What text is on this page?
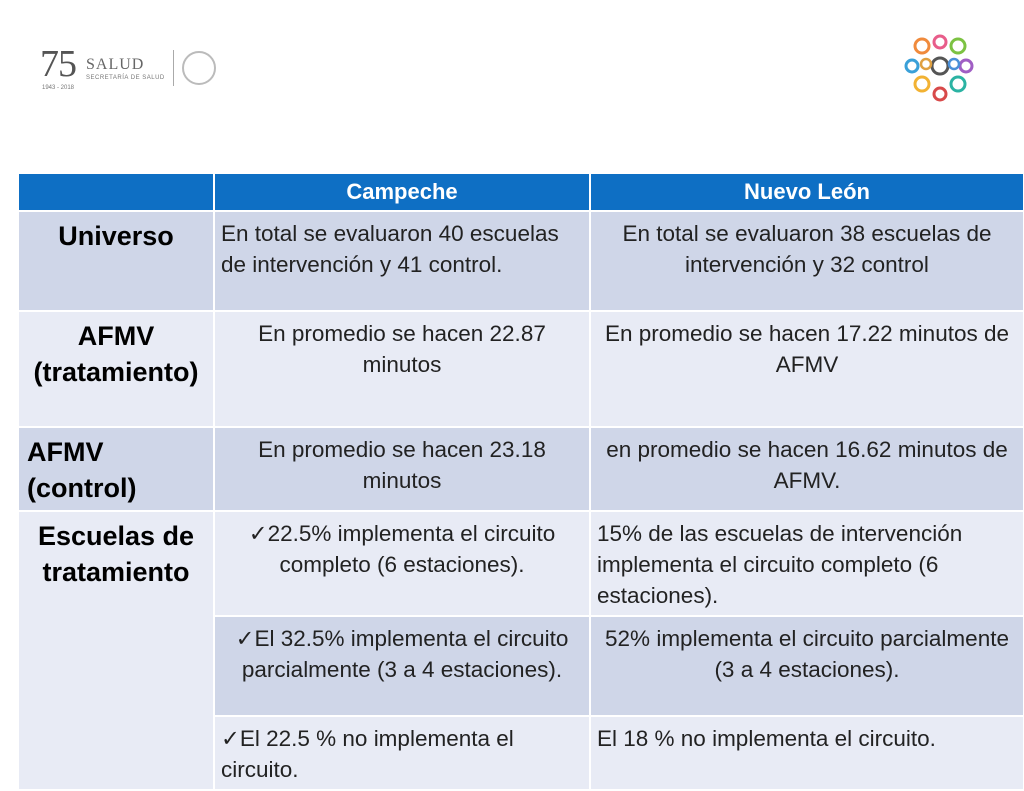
75
1943 - 2018
SALUD
SECRETARÍA DE SALUD
	Campeche	Nuevo León
Universo	En total se evaluaron 40 escuelas de intervención y 41 control.	En total se evaluaron 38 escuelas de intervención y 32 control
AFMV (tratamiento)	En promedio se hacen 22.87 minutos	En promedio se hacen 17.22 minutos de AFMV
AFMV (control)	En promedio se hacen 23.18 minutos	en promedio se hacen 16.62 minutos de AFMV.
Escuelas de tratamiento	✓22.5% implementa el circuito completo (6 estaciones).	15% de las escuelas de intervención implementa el circuito completo (6 estaciones).
	✓El 32.5% implementa el circuito parcialmente (3 a 4 estaciones).	52% implementa el circuito parcialmente (3 a 4 estaciones).
	✓El 22.5 % no implementa el circuito.	El 18 % no implementa el circuito.
